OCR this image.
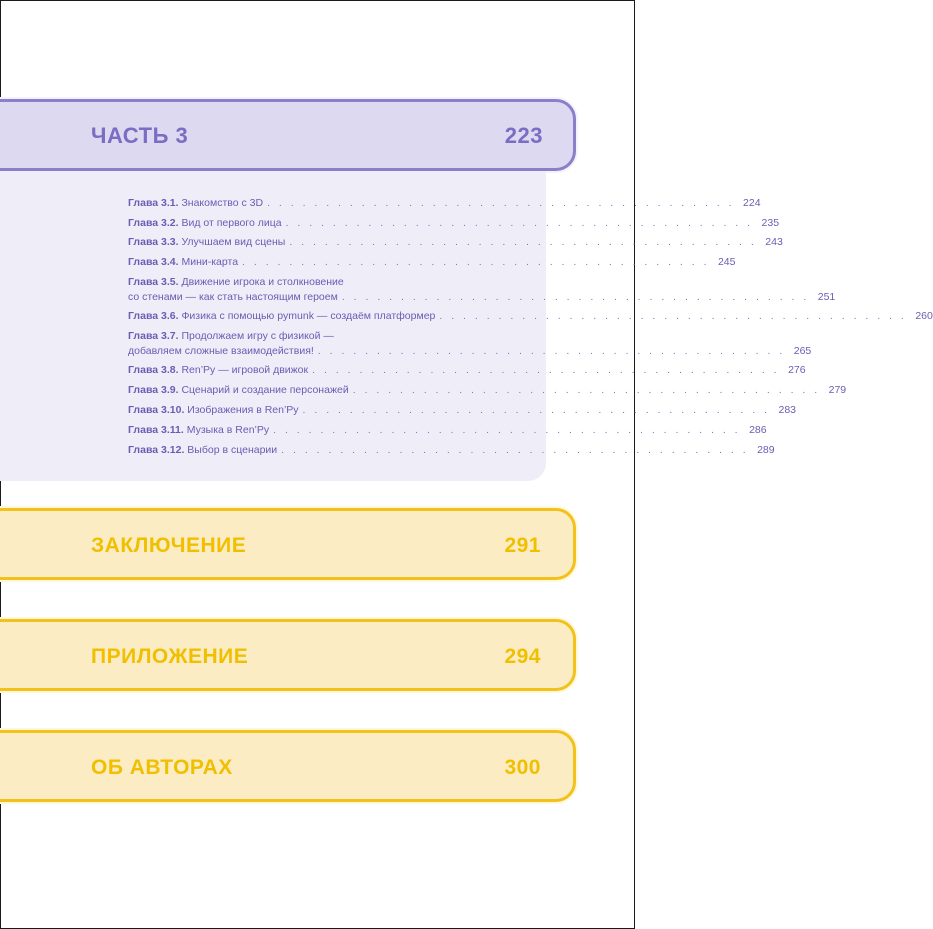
ЧАСТЬ 3	223
Глава 3.1. Знакомство с 3D . . . . . . . . . . . . . . . . . . . . . . . . . . . . . . . . . . . . . . . . 224
Глава 3.2. Вид от первого лица . . . . . . . . . . . . . . . . . . . . . . . . . . . . . . . . . . . . . . . . 235
Глава 3.3. Улучшаем вид сцены . . . . . . . . . . . . . . . . . . . . . . . . . . . . . . . . . . . . . . . . 243
Глава 3.4. Мини-карта . . . . . . . . . . . . . . . . . . . . . . . . . . . . . . . . . . . . . . . . 245
Глава 3.5. Движение игрока и столкновение
со стенами — как стать настоящим героем . . . . . . . . . . . . . . . . . . . . . . . . . . . . . . . . . . . . . . . . 251
Глава 3.6. Физика с помощью pymunk — создаём платформер . . . . . . . . . . . . . . . . . . . . . . . . . . . . . . . . . . . . . . . . 260
Глава 3.7. Продолжаем игру с физикой —
добавляем сложные взаимодействия! . . . . . . . . . . . . . . . . . . . . . . . . . . . . . . . . . . . . . . . . 265
Глава 3.8. Ren’Py — игровой движок . . . . . . . . . . . . . . . . . . . . . . . . . . . . . . . . . . . . . . . . 276
Глава 3.9. Сценарий и создание персонажей . . . . . . . . . . . . . . . . . . . . . . . . . . . . . . . . . . . . . . . . 279
Глава 3.10. Изображения в Ren’Py . . . . . . . . . . . . . . . . . . . . . . . . . . . . . . . . . . . . . . . . 283
Глава 3.11. Музыка в Ren’Py . . . . . . . . . . . . . . . . . . . . . . . . . . . . . . . . . . . . . . . . 286
Глава 3.12. Выбор в сценарии . . . . . . . . . . . . . . . . . . . . . . . . . . . . . . . . . . . . . . . . 289
ЗАКЛЮЧЕНИЕ	291
ПРИЛОЖЕНИЕ	294
ОБ АВТОРАХ	300
